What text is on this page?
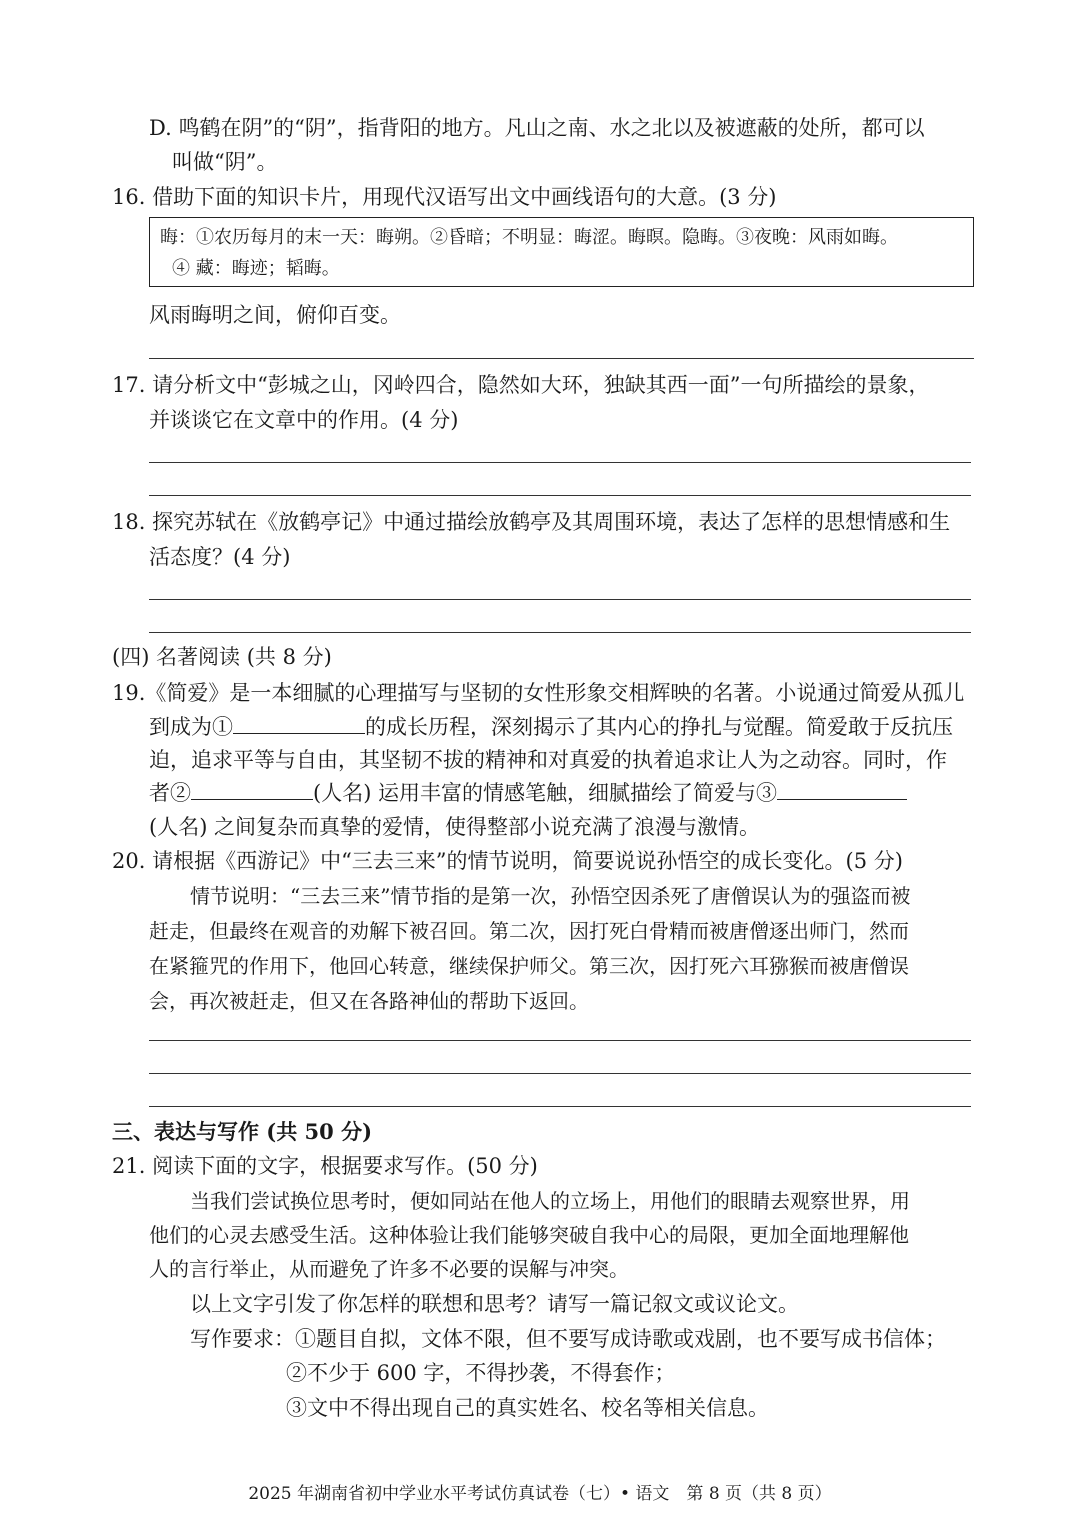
D. 鸣鹤在阴”的“阴”，指背阳的地方。凡山之南、水之北以及被遮蔽的处所，都可以
叫做“阴”。
16. 借助下面的知识卡片，用现代汉语写出文中画线语句的大意。(3 分)
晦：①农历每月的末一天：晦朔。②昏暗；不明显：晦涩。晦暝。隐晦。③夜晚：风雨如晦。
④ 藏：晦迹；韬晦。
风雨晦明之间，俯仰百变。
17. 请分析文中“彭城之山，冈岭四合，隐然如大环，独缺其西一面”一句所描绘的景象，
并谈谈它在文章中的作用。(4 分)
18. 探究苏轼在《放鹤亭记》中通过描绘放鹤亭及其周围环境，表达了怎样的思想情感和生
活态度？(4 分)
(四) 名著阅读 (共 8 分)
19.《简爱》是一本细腻的心理描写与坚韧的女性形象交相辉映的名著。小说通过简爱从孤儿
到成为①	的成长历程，深刻揭示了其内心的挣扎与觉醒。简爱敢于反抗压
迫，追求平等与自由，其坚韧不拔的精神和对真爱的执着追求让人为之动容。同时，作
者②	(人名) 运用丰富的情感笔触，细腻描绘了简爱与③
(人名) 之间复杂而真挚的爱情，使得整部小说充满了浪漫与激情。
20. 请根据《西游记》中“三去三来”的情节说明，简要说说孙悟空的成长变化。(5 分)
情节说明：“三去三来”情节指的是第一次，孙悟空因杀死了唐僧误认为的强盗而被
赶走，但最终在观音的劝解下被召回。第二次，因打死白骨精而被唐僧逐出师门，然而
在紧箍咒的作用下，他回心转意，继续保护师父。第三次，因打死六耳猕猴而被唐僧误
会，再次被赶走，但又在各路神仙的帮助下返回。
三、表达与写作 (共 50 分)
21. 阅读下面的文字，根据要求写作。(50 分)
当我们尝试换位思考时，便如同站在他人的立场上，用他们的眼睛去观察世界，用
他们的心灵去感受生活。这种体验让我们能够突破自我中心的局限，更加全面地理解他
人的言行举止，从而避免了许多不必要的误解与冲突。
以上文字引发了你怎样的联想和思考？请写一篇记叙文或议论文。
写作要求：①题目自拟，文体不限，但不要写成诗歌或戏剧，也不要写成书信体；
②不少于 600 字，不得抄袭，不得套作；
③文中不得出现自己的真实姓名、校名等相关信息。
2025 年湖南省初中学业水平考试仿真试卷（七）• 语文　第 8 页（共 8 页）
